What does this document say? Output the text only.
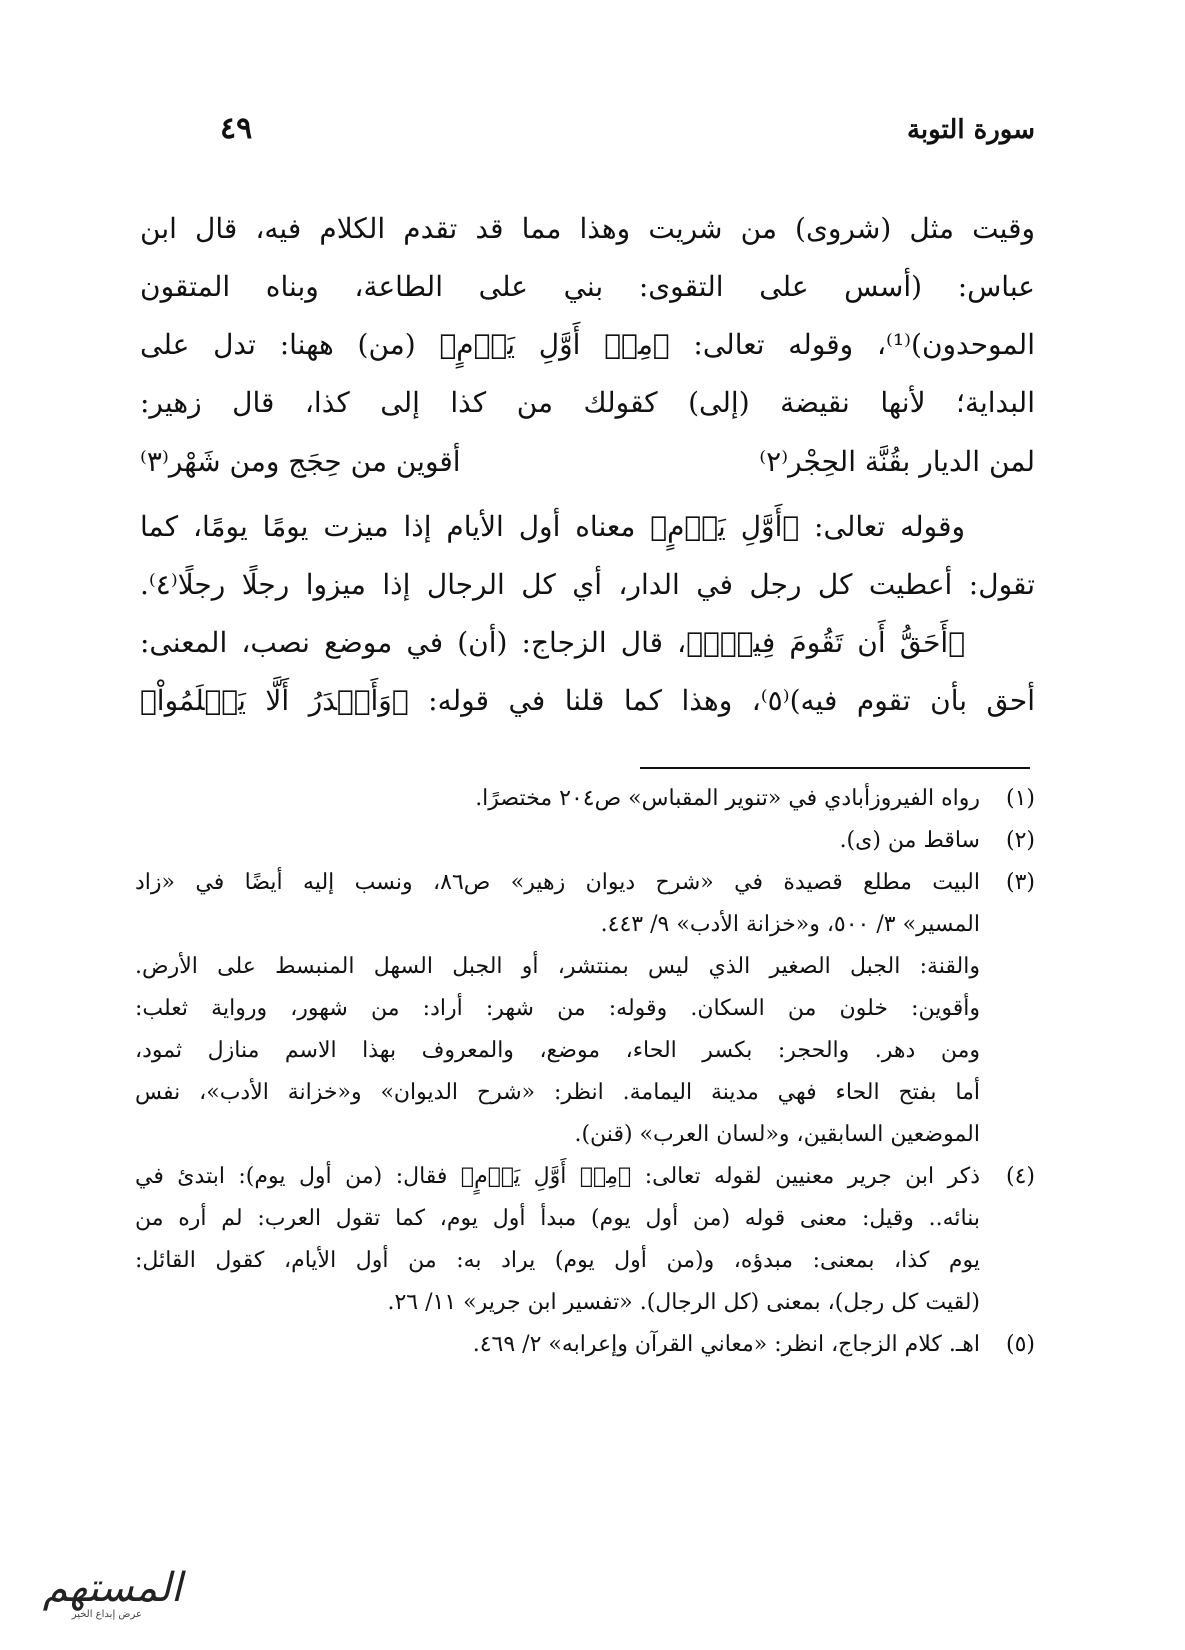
سورة التوبة
٤٩
وقيت مثل (شروى) من شريت وهذا مما قد تقدم الكلام فيه، قال ابن
عباس: (أسس على التقوى: بني على الطاعة، وبناه المتقون
الموحدون)⁽¹⁾، وقوله تعالى: ﴿مِنۡ أَوَّلِ يَوۡمٍ﴾ (من) ههنا: تدل على
البداية؛ لأنها نقيضة (إلى) كقولك من كذا إلى كذا، قال زهير:
لمن الديار بقُنَّة الحِجْر⁽٢⁾
أقوين من حِجَج ومن شَهْر⁽٣⁾
وقوله تعالى: ﴿أَوَّلِ يَوۡمٍ﴾ معناه أول الأيام إذا ميزت يومًا يومًا، كما
تقول: أعطيت كل رجل في الدار، أي كل الرجال إذا ميزوا رجلًا رجلًا⁽٤⁾.
﴿أَحَقُّ أَن تَقُومَ فِيهِۚ﴾، قال الزجاج: (أن) في موضع نصب، المعنى:
أحق بأن تقوم فيه)⁽٥⁾، وهذا كما قلنا في قوله: ﴿وَأَجۡدَرُ أَلَّا يَعۡلَمُواْ﴾
(١)
رواه الفيروزأبادي في «تنوير المقباس» ص٢٠٤ مختصرًا.
(٢)
ساقط من (ى).
(٣)
البيت مطلع قصيدة في «شرح ديوان زهير» ص٨٦، ونسب إليه أيضًا في «زاد
المسير» ٣/ ٥٠٠، و«خزانة الأدب» ٩/ ٤٤٣.
والقنة: الجبل الصغير الذي ليس بمنتشر، أو الجبل السهل المنبسط على الأرض.
وأقوين: خلون من السكان. وقوله: من شهر: أراد: من شهور، ورواية ثعلب:
ومن دهر. والحجر: بكسر الحاء، موضع، والمعروف بهذا الاسم منازل ثمود،
أما بفتح الحاء فهي مدينة اليمامة. انظر: «شرح الديوان» و«خزانة الأدب»، نفس
الموضعين السابقين، و«لسان العرب» (قنن).
(٤)
ذكر ابن جرير معنيين لقوله تعالى: ﴿مِنۡ أَوَّلِ يَوۡمٍ﴾ فقال: (من أول يوم): ابتدئ في
بنائه.. وقيل: معنى قوله (من أول يوم) مبدأ أول يوم، كما تقول العرب: لم أره من
يوم كذا، بمعنى: مبدؤه، و(من أول يوم) يراد به: من أول الأيام، كقول القائل:
(لقيت كل رجل)، بمعنى (كل الرجال). «تفسير ابن جرير» ١١/ ٢٦.
(٥)
اهـ. كلام الزجاج، انظر: «معاني القرآن وإعرابه» ٢/ ٤٦٩.
المستهم
عرض إبداع الخير
